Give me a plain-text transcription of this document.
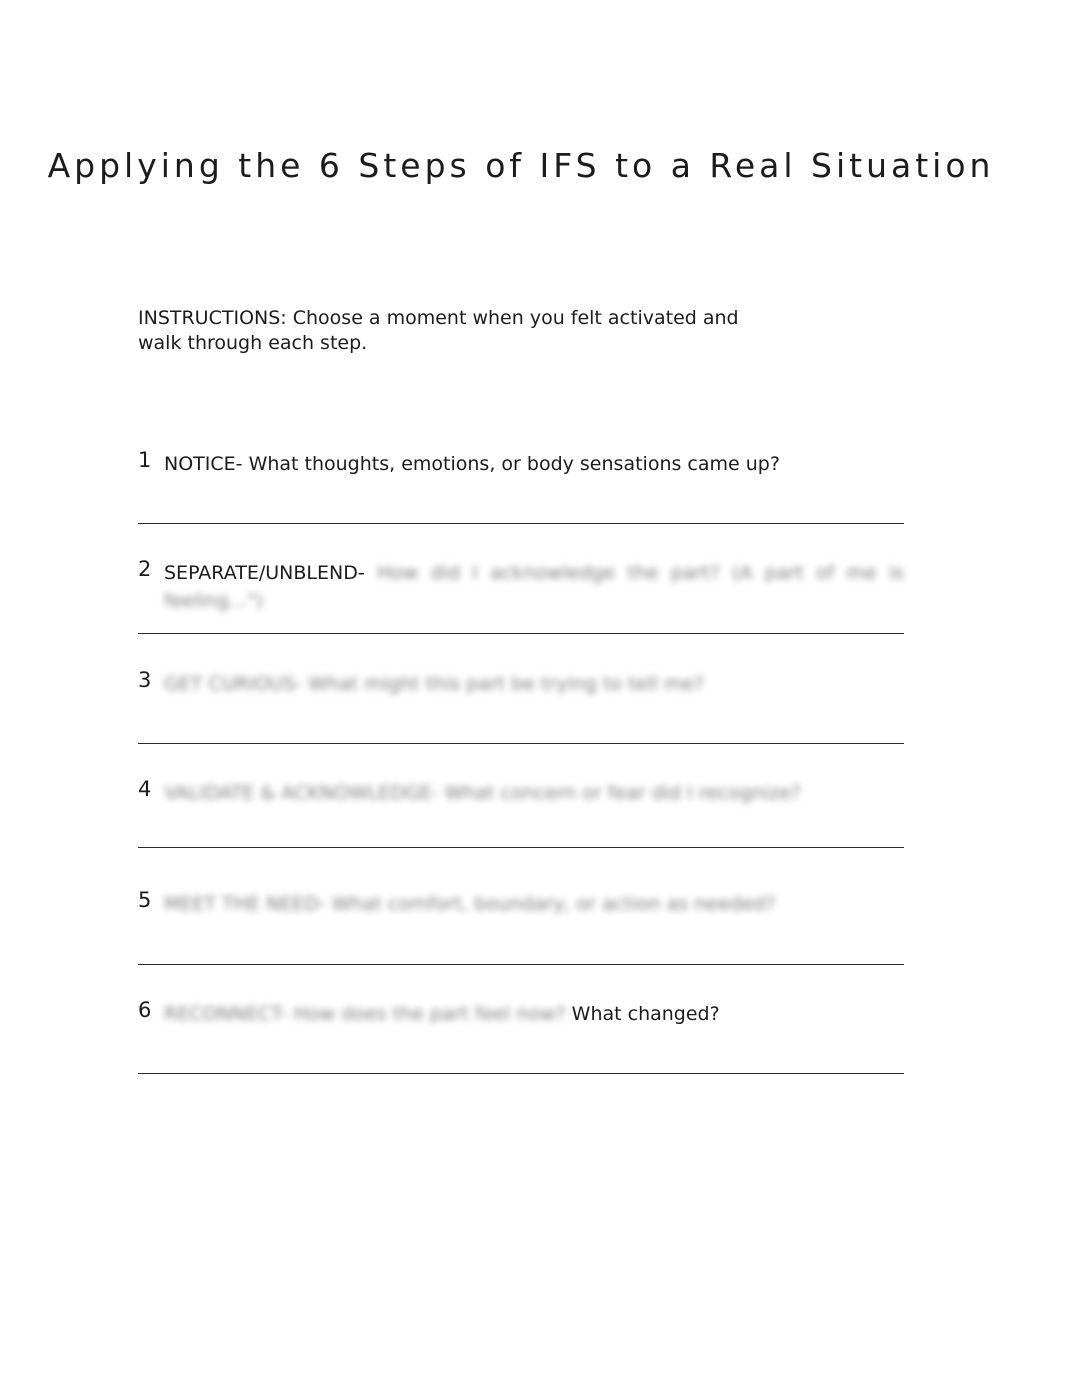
Applying the 6 Steps of IFS to a Real Situation

INSTRUCTIONS: Choose a moment when you felt activated and walk through each step.

1 NOTICE- What thoughts, emotions, or body sensations came up?
2 SEPARATE/UNBLEND- How did I acknowledge the part? (A part of me is feeling...")
3 GET CURIOUS- What might this part be trying to tell me?
4 VALIDATE & ACKNOWLEDGE- What concern or fear did I recognize?
5 MEET THE NEED- What comfort, boundary, or action as needed?
6 RECONNECT- How does the part feel now? What changed?
